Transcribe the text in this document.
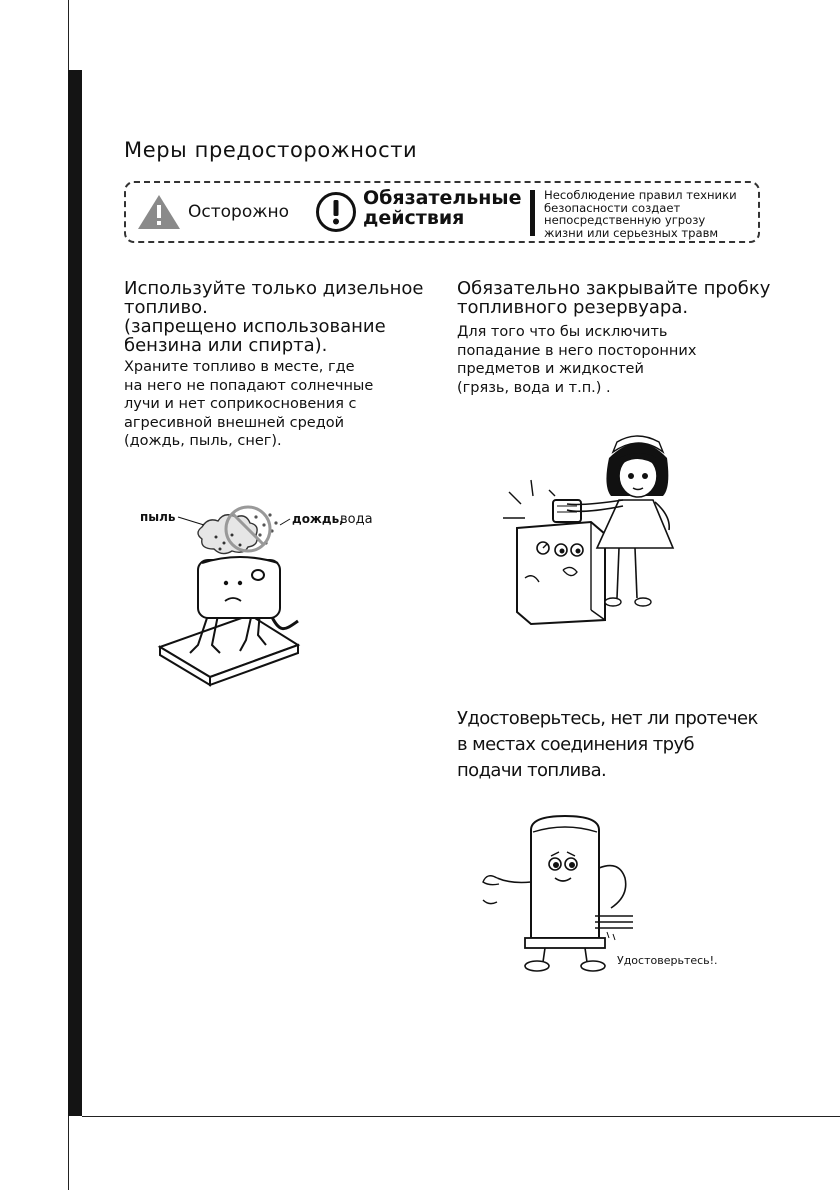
Меры предосторожности
Осторожно
Обязательные
действия
Несоблюдение правил техники
безопасности создает
непосредственную угрозу
жизни или серьезных травм
Используйте только дизельное
топливо.
(запрещено использование
бензина или спирта).
Храните топливо в месте, где
на него не попадают солнечные
лучи и нет соприкосновения с
агресивной внешней средой
(дождь, пыль, снег).
пыль	дождь,
вода
Обязательно закрывайте пробку
топливного резервуара.
Для того что бы исключить
попадание в него посторонних
предметов и жидкостей
(грязь, вода и т.п.) .
Удостоверьтесь, нет ли протечек
в местах соединения труб
подачи топлива.
Удостоверьтесь!.
